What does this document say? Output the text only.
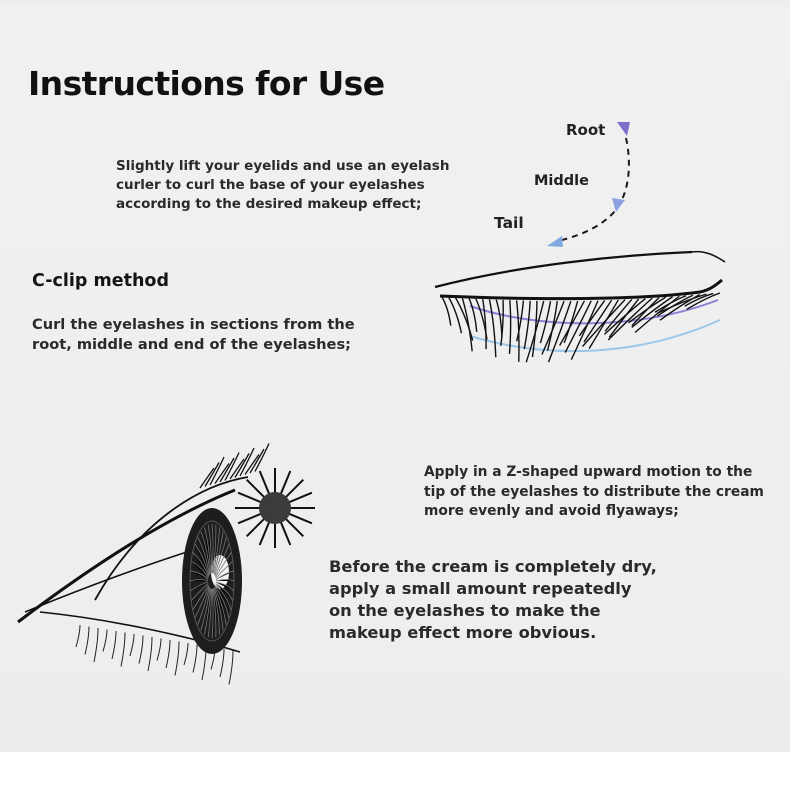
Instructions for Use

Slightly lift your eyelids and use an eyelash curler to curl the base of your eyelashes according to the desired makeup effect;

C-clip method

Curl the eyelashes in sections from the root, middle and end of the eyelashes;

Root

Middle

Tail

Apply in a Z-shaped upward motion to the tip of the eyelashes to distribute the cream more evenly and avoid flyaways;

Before the cream is completely dry, apply a small amount repeatedly on the eyelashes to make the makeup effect more obvious.
